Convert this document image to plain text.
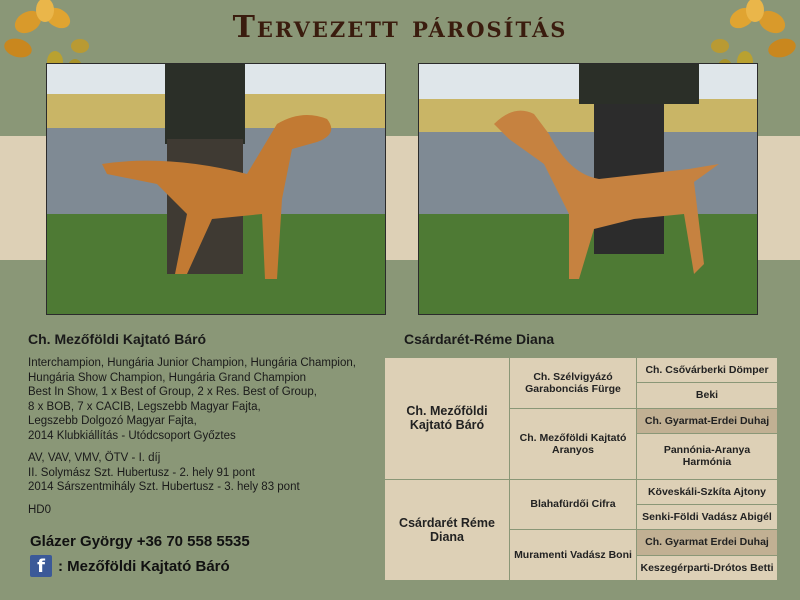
Tervezett párosítás
Ch. Mezőföldi Kajtató Báró	Csárdarét-Réme Diana
Interchampion, Hungária Junior Champion, Hungária Champion,
Hungária Show Champion, Hungária Grand Champion
Best In Show, 1 x Best of Group, 2 x Res. Best of Group,
8 x BOB, 7 x CACIB, Legszebb Magyar Fajta,
Legszebb Dolgozó Magyar Fajta,
2014 Klubkiállítás - Utódcsoport Győztes
AV, VAV, VMV, ÖTV - I. díj
II. Solymász Szt. Hubertusz - 2. hely 91 pont
2014 Sárszentmihály Szt. Hubertusz - 3. hely 83 pont
HD0
Glázer György +36 70 558 5535
f : Mezőföldi Kajtató Báró
Ch. Mezőföldi Kajtató Báró	Ch. Szélvigyázó Garabonciás Fürge	Ch. Csővárberki Dömper
		Beki
	Ch. Mezőföldi Kajtató Aranyos	Ch. Gyarmat-Erdei Duhaj
		Pannónia-Aranya Harmónia
Csárdarét Réme Diana	Blahafürdői Cifra	Köveskáli-Szkíta Ajtony
		Senki-Földi Vadász Abigél
	Muramenti Vadász Boni	Ch. Gyarmat Erdei Duhaj
		Keszegérparti-Drótos Betti
